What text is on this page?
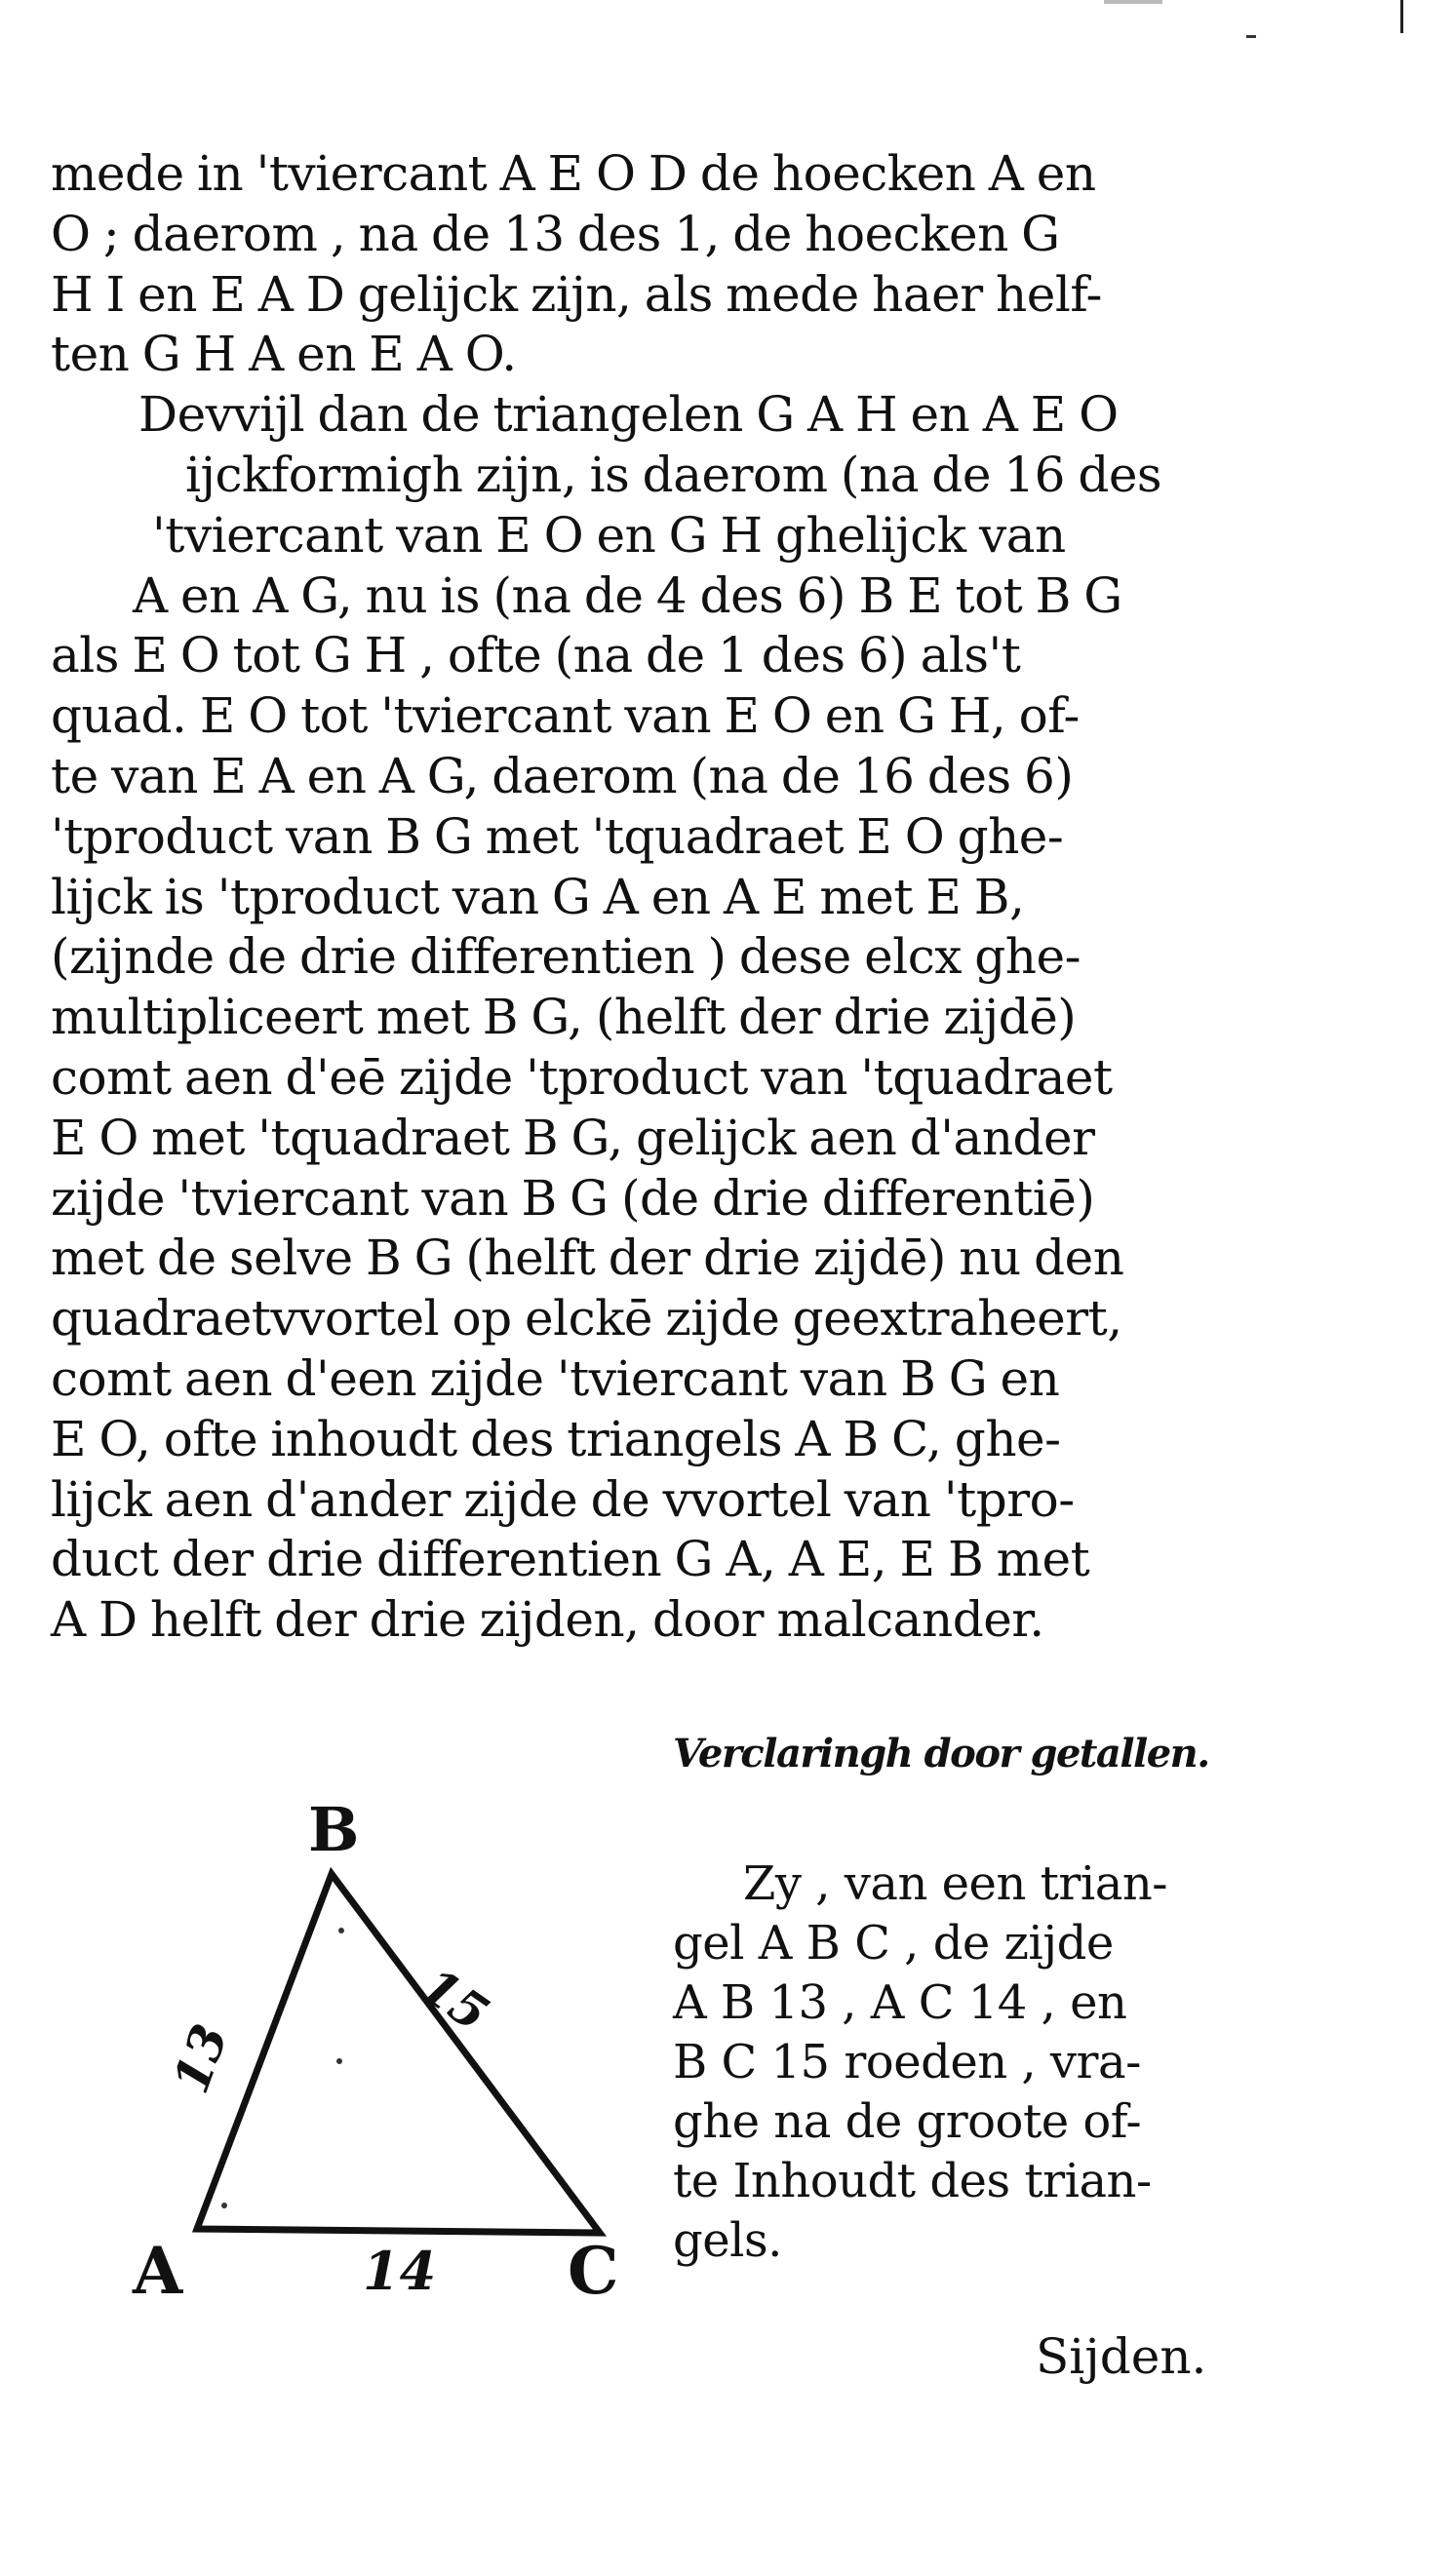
mede in 'tviercant A E O D de hoecken A en
O ; daerom , na de 13 des 1, de hoecken G
H I en E A D gelijck zijn, als mede haer helf-
ten G H A en E A O.
Devvijl dan de triangelen G A H en A E O
ijckformigh zijn, is daerom (na de 16 des
'tviercant van E O en G H ghelijck van
A en A G, nu is (na de 4 des 6) B E tot B G
als E O tot G H , ofte (na de 1 des 6) als't
quad. E O tot 'tviercant van E O en G H, of-
te van E A en A G, daerom (na de 16 des 6)
'tproduct van B G met 'tquadraet E O ghe-
lijck is 'tproduct van G A en A E met E B,
(zijnde de drie differentien ) dese elcx ghe-
multipliceert met B G, (helft der drie zijdē)
comt aen d'eē zijde 'tproduct van 'tquadraet
E O met 'tquadraet B G, gelijck aen d'ander
zijde 'tviercant van B G (de drie differentiē)
met de selve B G (helft der drie zijdē) nu den
quadraetvvortel op elckē zijde geextraheert,
comt aen d'een zijde 'tviercant van B G en
E O, ofte inhoudt des triangels A B C, ghe-
lijck aen d'ander zijde de vvortel van 'tpro-
duct der drie differentien G A, A E, E B met
A D helft der drie zijden, door malcander.
B
A	C
14
13
15
Verclaringh door getallen.
Zy , van een trian-
gel A B C , de zijde
A B 13 , A C 14 , en
B C 15 roeden , vra-
ghe na de groote of-
te Inhoudt des trian-
gels.
Sijden.
